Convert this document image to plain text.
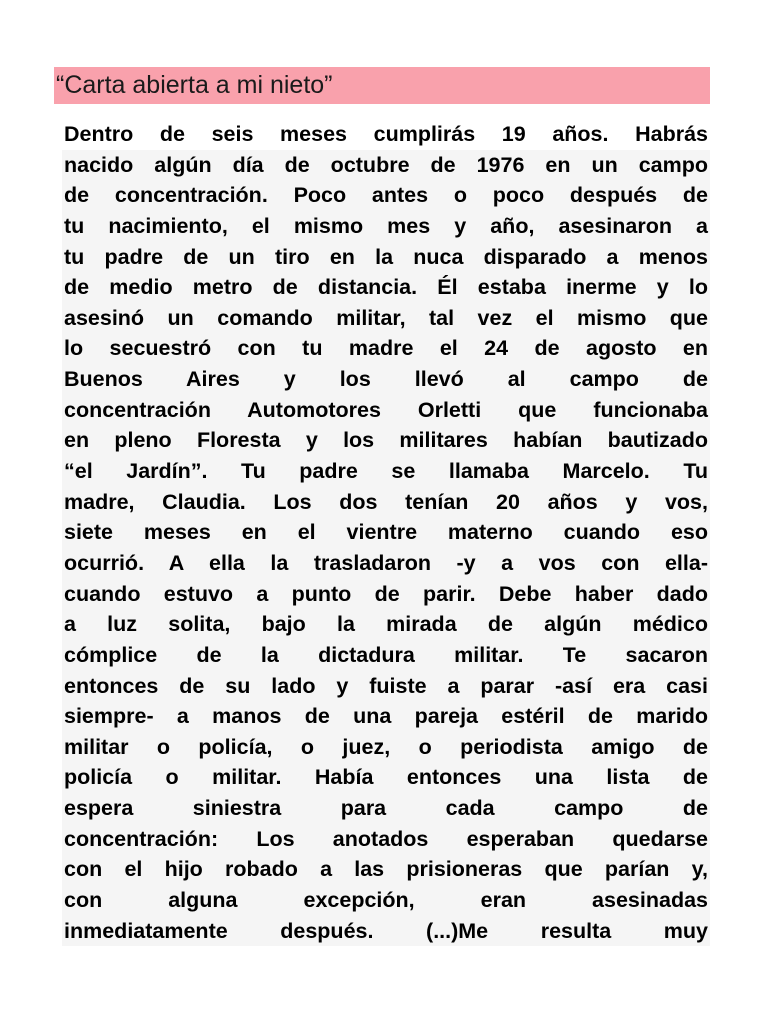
“Carta abierta a mi nieto”
Dentro de seis meses cumplirás 19 años. Habrás
nacido algún día de octubre de 1976 en un campo
de concentración. Poco antes o poco después de
tu nacimiento, el mismo mes y año, asesinaron a
tu padre de un tiro en la nuca disparado a menos
de medio metro de distancia. Él estaba inerme y lo
asesinó un comando militar, tal vez el mismo que
lo secuestró con tu madre el 24 de agosto en
Buenos Aires y los llevó al campo de
concentración Automotores Orletti que funcionaba
en pleno Floresta y los militares habían bautizado
“el Jardín”. Tu padre se llamaba Marcelo. Tu
madre, Claudia. Los dos tenían 20 años y vos,
siete meses en el vientre materno cuando eso
ocurrió. A ella la trasladaron -y a vos con ella-
cuando estuvo a punto de parir. Debe haber dado
a luz solita, bajo la mirada de algún médico
cómplice de la dictadura militar. Te sacaron
entonces de su lado y fuiste a parar -así era casi
siempre- a manos de una pareja estéril de marido
militar o policía, o juez, o periodista amigo de
policía o militar. Había entonces una lista de
espera siniestra para cada campo de
concentración: Los anotados esperaban quedarse
con el hijo robado a las prisioneras que parían y,
con alguna excepción, eran asesinadas
inmediatamente después. (...)Me resulta muy
